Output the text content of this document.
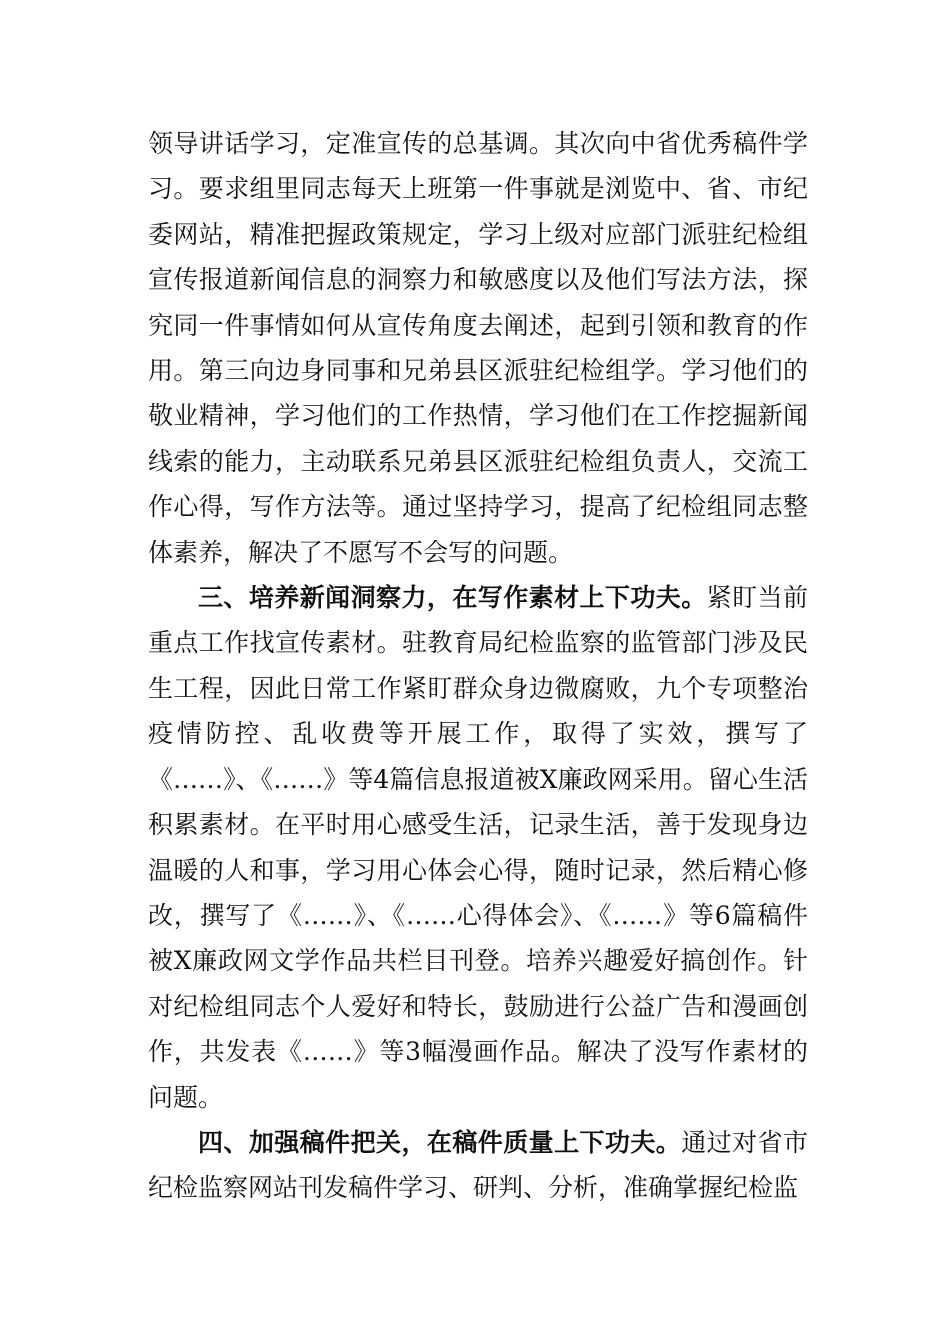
领导讲话学习，定准宣传的总基调。其次向中省优秀稿件学习。要求组里同志每天上班第一件事就是浏览中、省、市纪委网站，精准把握政策规定，学习上级对应部门派驻纪检组宣传报道新闻信息的洞察力和敏感度以及他们写法方法，探究同一件事情如何从宣传角度去阐述，起到引领和教育的作用。第三向边身同事和兄弟县区派驻纪检组学。学习他们的敬业精神，学习他们的工作热情，学习他们在工作挖掘新闻线索的能力，主动联系兄弟县区派驻纪检组负责人，交流工作心得，写作方法等。通过坚持学习，提高了纪检组同志整体素养，解决了不愿写不会写的问题。

三、培养新闻洞察力，在写作素材上下功夫。紧盯当前重点工作找宣传素材。驻教育局纪检监察的监管部门涉及民生工程，因此日常工作紧盯群众身边微腐败，九个专项整治疫情防控、乱收费等开展工作，取得了实效，撰写了《……》、《……》等4篇信息报道被X廉政网采用。留心生活积累素材。在平时用心感受生活，记录生活，善于发现身边温暖的人和事，学习用心体会心得，随时记录，然后精心修改，撰写了《……》、《……心得体会》、《……》等6篇稿件被X廉政网文学作品共栏目刊登。培养兴趣爱好搞创作。针对纪检组同志个人爱好和特长，鼓励进行公益广告和漫画创作，共发表《……》等3幅漫画作品。解决了没写作素材的问题。

四、加强稿件把关，在稿件质量上下功夫。通过对省市纪检监察网站刊发稿件学习、研判、分析，准确掌握纪检监
